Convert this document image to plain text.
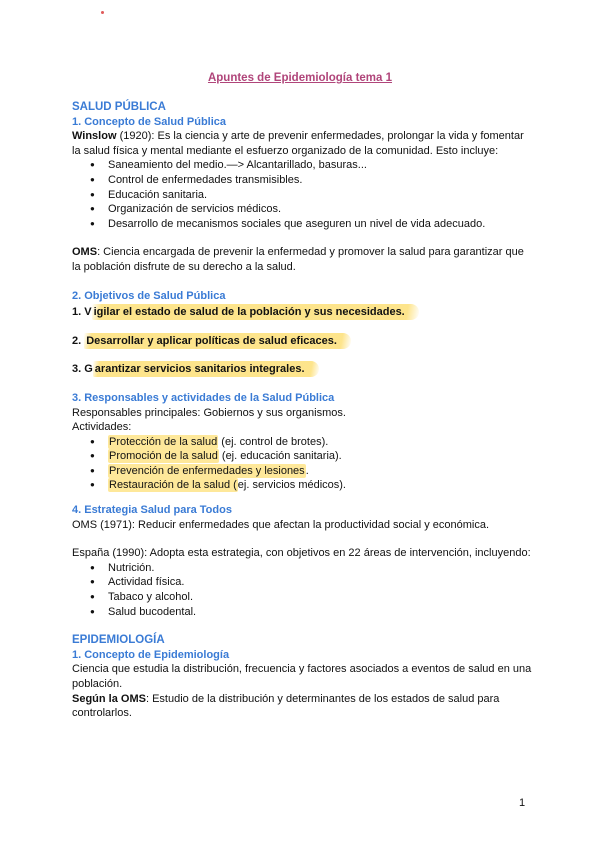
Apuntes de Epidemiología tema 1
SALUD PÚBLICA
1. Concepto de Salud Pública

Winslow (1920): Es la ciencia y arte de prevenir enfermedades, prolongar la vida y fomentar la salud física y mental mediante el esfuerzo organizado de la comunidad. Esto incluye:

● Saneamiento del medio.—> Alcantarillado, basuras...
● Control de enfermedades transmisibles.
● Educación sanitaria.
● Organización de servicios médicos.
● Desarrollo de mecanismos sociales que aseguren un nivel de vida adecuado.

OMS: Ciencia encargada de prevenir la enfermedad y promover la salud para garantizar que la población disfrute de su derecho a la salud.

2. Objetivos de Salud Pública
1. V igilar el estado de salud de la población y sus necesidades.
2. Desarrollar y aplicar políticas de salud eficaces.
3. G arantizar servicios sanitarios integrales.
3. Responsables y actividades de la Salud Pública

Responsables principales: Gobiernos y sus organismos.

Actividades:

● Protección de la salud (ej. control de brotes).
● Promoción de la salud (ej. educación sanitaria).
● Prevención de enfermedades y lesiones.
● Restauración de la salud (ej. servicios médicos).
4. Estrategia Salud para Todos

OMS (1971): Reducir enfermedades que afectan la productividad social y económica.

España (1990): Adopta esta estrategia, con objetivos en 22 áreas de intervención, incluyendo:

● Nutrición.
● Actividad física.
● Tabaco y alcohol.
● Salud bucodental.
EPIDEMIOLOGÍA
1. Concepto de Epidemiología

Ciencia que estudia la distribución, frecuencia y factores asociados a eventos de salud en una población.

Según la OMS: Estudio de la distribución y determinantes de los estados de salud para controlarlos.

1
